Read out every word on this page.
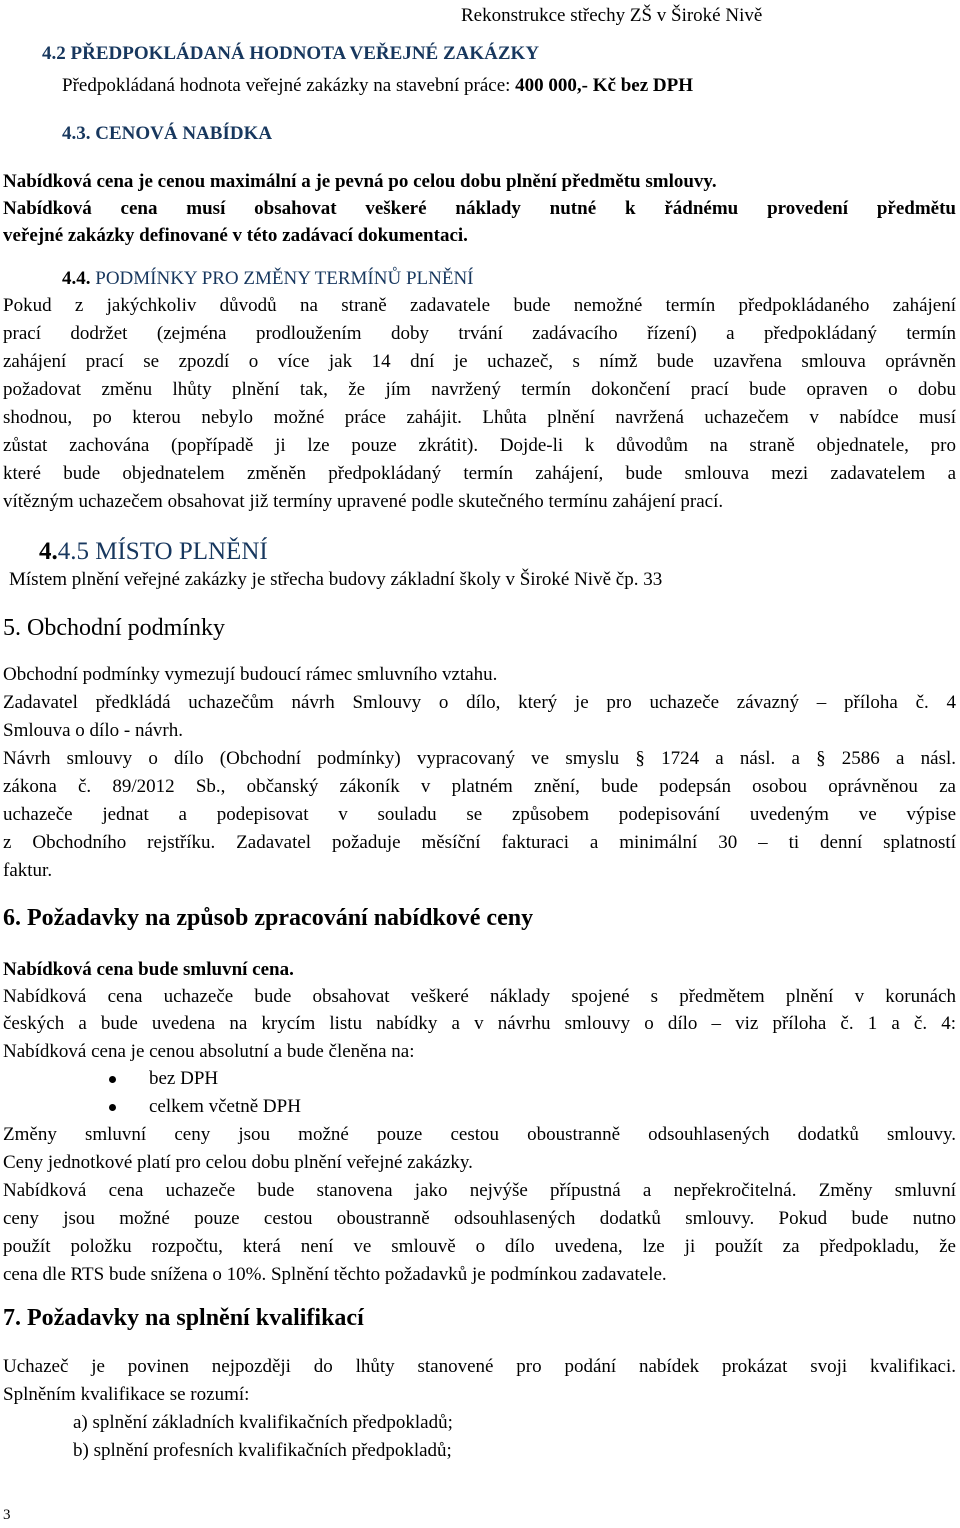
Rekonstrukce střechy ZŠ v Široké Nivě
4.2 PŘEDPOKLÁDANÁ HODNOTA VEŘEJNÉ ZAKÁZKY
Předpokládaná hodnota veřejné zakázky na stavební práce: 400 000,- Kč bez DPH
4.3. CENOVÁ NABÍDKA
Nabídková cena je cenou maximální a je pevná po celou dobu plnění předmětu smlouvy.
Nabídková cena musí obsahovat veškeré náklady nutné k řádnému provedení předmětu
veřejné zakázky definované v této zadávací dokumentaci.
4.4. PODMÍNKY PRO ZMĚNY TERMÍNŮ PLNĚNÍ
Pokud z jakýchkoliv důvodů na straně zadavatele bude nemožné termín předpokládaného zahájení
prací dodržet (zejména prodloužením doby trvání zadávacího řízení) a předpokládaný termín
zahájení prací se zpozdí o více jak 14 dní je uchazeč, s nímž bude uzavřena smlouva oprávněn
požadovat změnu lhůty plnění tak, že jím navržený termín dokončení prací bude opraven o dobu
shodnou, po kterou nebylo možné práce zahájit. Lhůta plnění navržená uchazečem v nabídce musí
zůstat zachována (popřípadě ji lze pouze zkrátit). Dojde-li k důvodům na straně objednatele, pro
které bude objednatelem změněn předpokládaný termín zahájení, bude smlouva mezi zadavatelem a
vítězným uchazečem obsahovat již termíny upravené podle skutečného termínu zahájení prací.
4.4.5 MÍSTO PLNĚNÍ
Místem plnění veřejné zakázky je střecha budovy základní školy v Široké Nivě čp. 33
5. Obchodní podmínky
Obchodní podmínky vymezují budoucí rámec smluvního vztahu.
Zadavatel předkládá uchazečům návrh Smlouvy o dílo, který je pro uchazeče závazný – příloha č. 4
Smlouva o dílo - návrh.
Návrh smlouvy o dílo (Obchodní podmínky) vypracovaný ve smyslu § 1724 a násl. a § 2586 a násl.
zákona č. 89/2012 Sb., občanský zákoník v platném znění, bude podepsán osobou oprávněnou za
uchazeče jednat a podepisovat v souladu se způsobem podepisování uvedeným ve výpise
z Obchodního rejstříku. Zadavatel požaduje měsíční fakturaci a minimální 30 – ti denní splatností
faktur.
6. Požadavky na způsob zpracování nabídkové ceny
Nabídková cena bude smluvní cena.
Nabídková cena uchazeče bude obsahovat veškeré náklady spojené s předmětem plnění v korunách
českých a bude uvedena na krycím listu nabídky a v návrhu smlouvy o dílo – viz příloha č. 1 a č. 4:
Nabídková cena je cenou absolutní a bude členěna na:
bez DPH
celkem včetně DPH
Změny smluvní ceny jsou možné pouze cestou oboustranně odsouhlasených dodatků smlouvy.
Ceny jednotkové platí pro celou dobu plnění veřejné zakázky.
Nabídková cena uchazeče bude stanovena jako nejvýše přípustná a nepřekročitelná. Změny smluvní
ceny jsou možné pouze cestou oboustranně odsouhlasených dodatků smlouvy. Pokud bude nutno
použít položku rozpočtu, která není ve smlouvě o dílo uvedena, lze ji použít za předpokladu, že
cena dle RTS bude snížena o 10%. Splnění těchto požadavků je podmínkou zadavatele.
7. Požadavky na splnění kvalifikací
Uchazeč je povinen nejpozději do lhůty stanovené pro podání nabídek prokázat svoji kvalifikaci.
Splněním kvalifikace se rozumí:
a) splnění základních kvalifikačních předpokladů;
b) splnění profesních kvalifikačních předpokladů;
3
